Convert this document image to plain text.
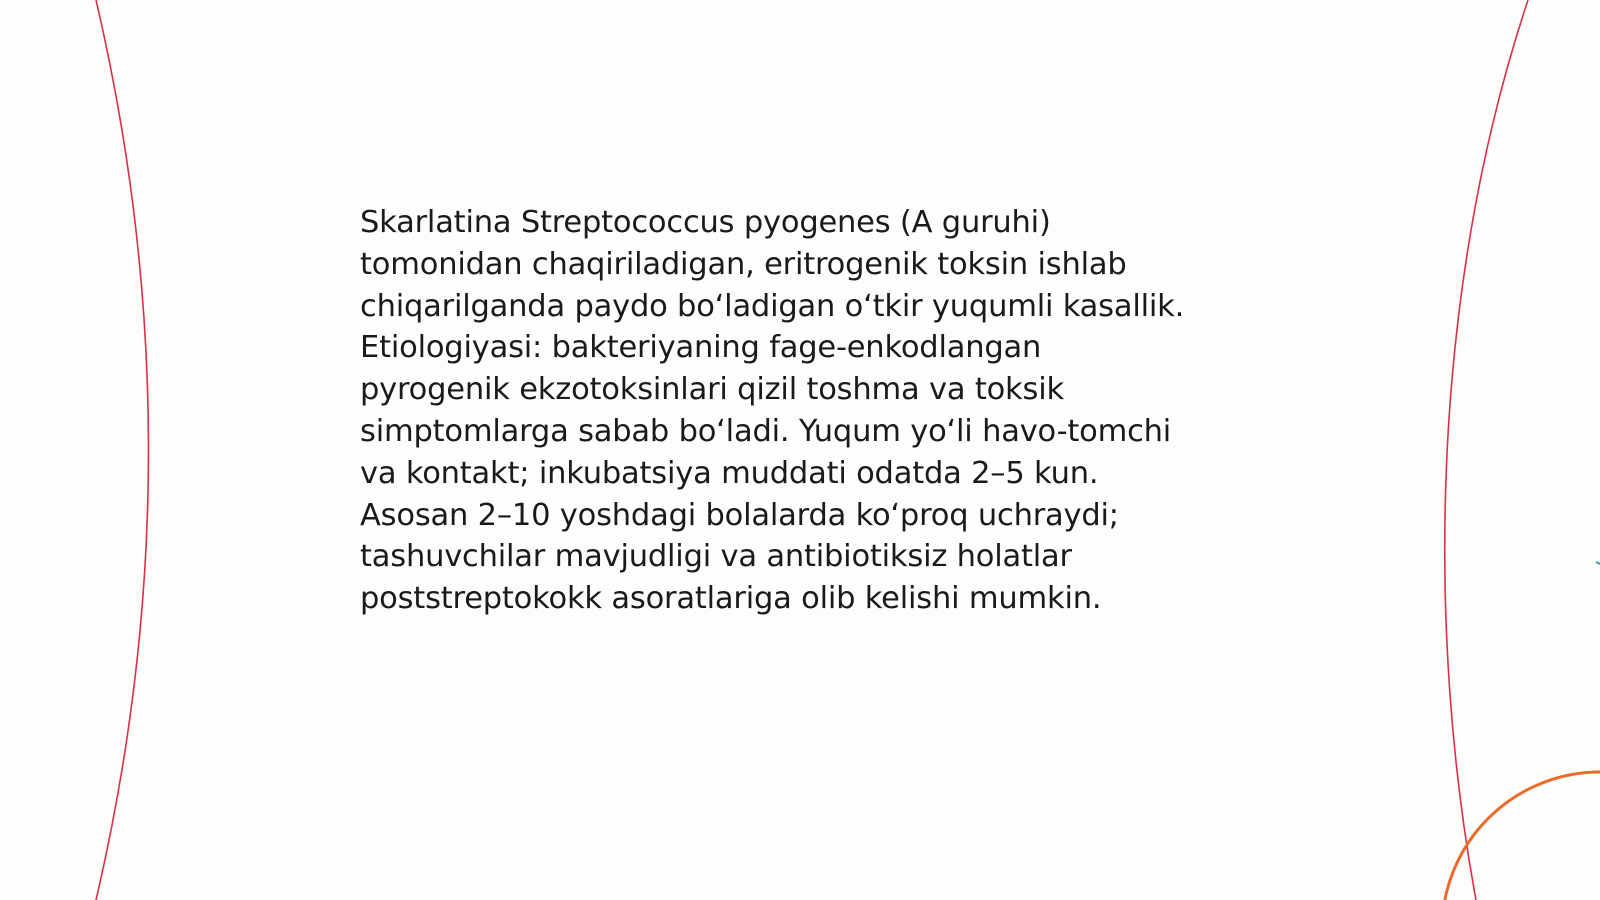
Skarlatina Streptococcus pyogenes (A guruhi)
tomonidan chaqiriladigan, eritrogenik toksin ishlab
chiqarilganda paydo bo‘ladigan o‘tkir yuqumli kasallik.
Etiologiyasi: bakteriyaning fage-enkodlangan
pyrogenik ekzotoksinlari qizil toshma va toksik
simptomlarga sabab bo‘ladi. Yuqum yo‘li havo-tomchi
va kontakt; inkubatsiya muddati odatda 2–5 kun.
Asosan 2–10 yoshdagi bolalarda ko‘proq uchraydi;
tashuvchilar mavjudligi va antibiotiksiz holatlar
poststreptokokk asoratlariga olib kelishi mumkin.
